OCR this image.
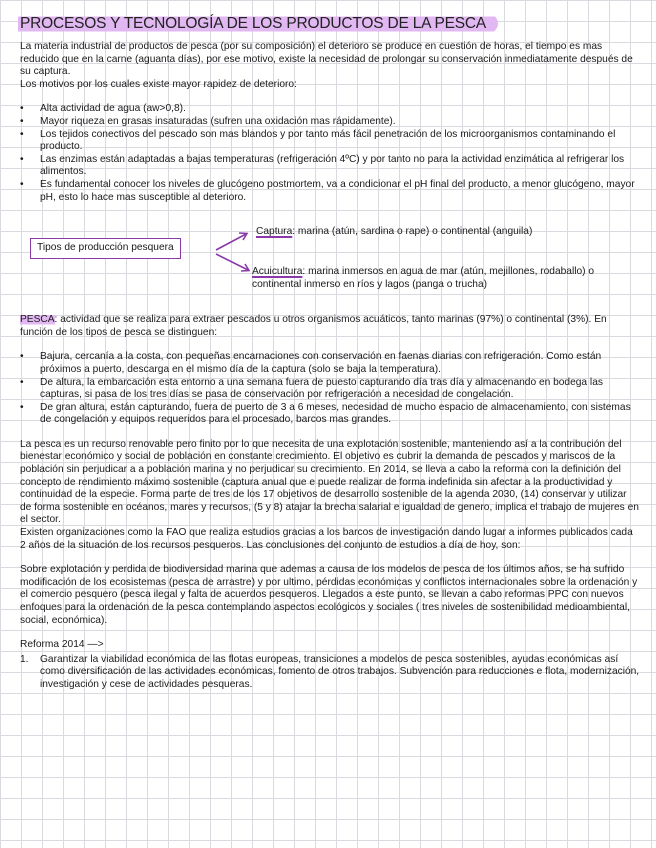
PROCESOS Y TECNOLOGÍA DE LOS PRODUCTOS DE LA PESCA

La materia industrial de productos de pesca (por su composición) el deterioro se produce en cuestión de horas, el tiempo es mas reducido que en la carne (aguanta días), por ese motivo, existe la necesidad de prolongar su conservación inmediatamente después de su captura.

Los motivos por los cuales existe mayor rapidez de deterioro:

• Alta actividad de agua (aw>0,8).
• Mayor riqueza en grasas insaturadas (sufren una oxidación mas rápidamente).
• Los tejidos conectivos del pescado son mas blandos y por tanto más fácil penetración de los microorganismos contaminando el producto.
• Las enzimas están adaptadas a bajas temperaturas (refrigeración 4ºC) y por tanto no para la actividad enzimática al refrigerar los alimentos.
• Es fundamental conocer los niveles de glucógeno postmortem, va a condicionar el pH final del producto, a menor glucógeno, mayor pH, esto lo hace mas susceptible al deterioro.
Tipos de producción pesquera
Captura: marina (atún, sardina o rape) o continental (anguila)
Acuicultura: marina inmersos en agua de mar (atún, mejillones, rodaballo) o continental inmerso en ríos y lagos (panga o trucha)

PESCA: actividad que se realiza para extraer pescados u otros organismos acuáticos, tanto marinas (97%) o continental (3%). En función de los tipos de pesca se distinguen:

• Bajura, cercanía a la costa, con pequeñas encarnaciones con conservación en faenas diarias con refrigeración. Como están próximos a puerto, descarga en el mismo día de la captura (solo se baja la temperatura).
• De altura, la embarcación esta entorno a una semana fuera de puesto capturando día tras día y almacenando en bodega las capturas, si pasa de los tres días se pasa de conservación por refrigeración a necesidad de congelación.
• De gran altura, están capturando, fuera de puerto de 3 a 6 meses, necesidad de mucho espacio de almacenamiento, con sistemas de congelación y equipos requeridos para el procesado, barcos mas grandes.

La pesca es un recurso renovable pero finito por lo que necesita de una explotación sostenible, manteniendo así a la contribución del bienestar económico y social de población en constante crecimiento. El objetivo es cubrir la demanda de pescados y mariscos de la población sin perjudicar a a población marina y no perjudicar su crecimiento. En 2014, se lleva a cabo la reforma con la definición del concepto de rendimiento máximo sostenible (captura anual que e puede realizar de forma indefinida sin afectar a la productividad y continuidad de la especie. Forma parte de tres de los 17 objetivos de desarrollo sostenible de la agenda 2030, (14) conservar y utilizar de forma sostenible en océanos, mares y recursos, (5 y 8) atajar la brecha salarial e igualdad de genero, implica el trabajo de mujeres en el sector.

Existen organizaciones como la FAO que realiza estudios gracias a los barcos de investigación dando lugar a informes publicados cada 2 años de la situación de los recursos pesqueros. Las conclusiones del conjunto de estudios a día de hoy, son:

Sobre explotación y perdida de biodiversidad marina que ademas a causa de los modelos de pesca de los últimos años, se ha sufrido modificación de los ecosistemas (pesca de arrastre) y por ultimo, pérdidas económicas y conflictos internacionales sobre la ordenación y el comercio pesquero (pesca ilegal y falta de acuerdos pesqueros. Llegados a este punto, se llevan a cabo reformas PPC con nuevos enfoques para la ordenación de la pesca contemplando aspectos ecológicos y sociales ( tres niveles de sostenibilidad medioambiental, social, económica).

Reforma 2014 —>

1. Garantizar la viabilidad económica de las flotas europeas, transiciones a modelos de pesca sostenibles, ayudas económicas así como diversificación de las actividades económicas, fomento de otros trabajos. Subvención para reducciones e flota, modernización, investigación y cese de actividades pesqueras.
